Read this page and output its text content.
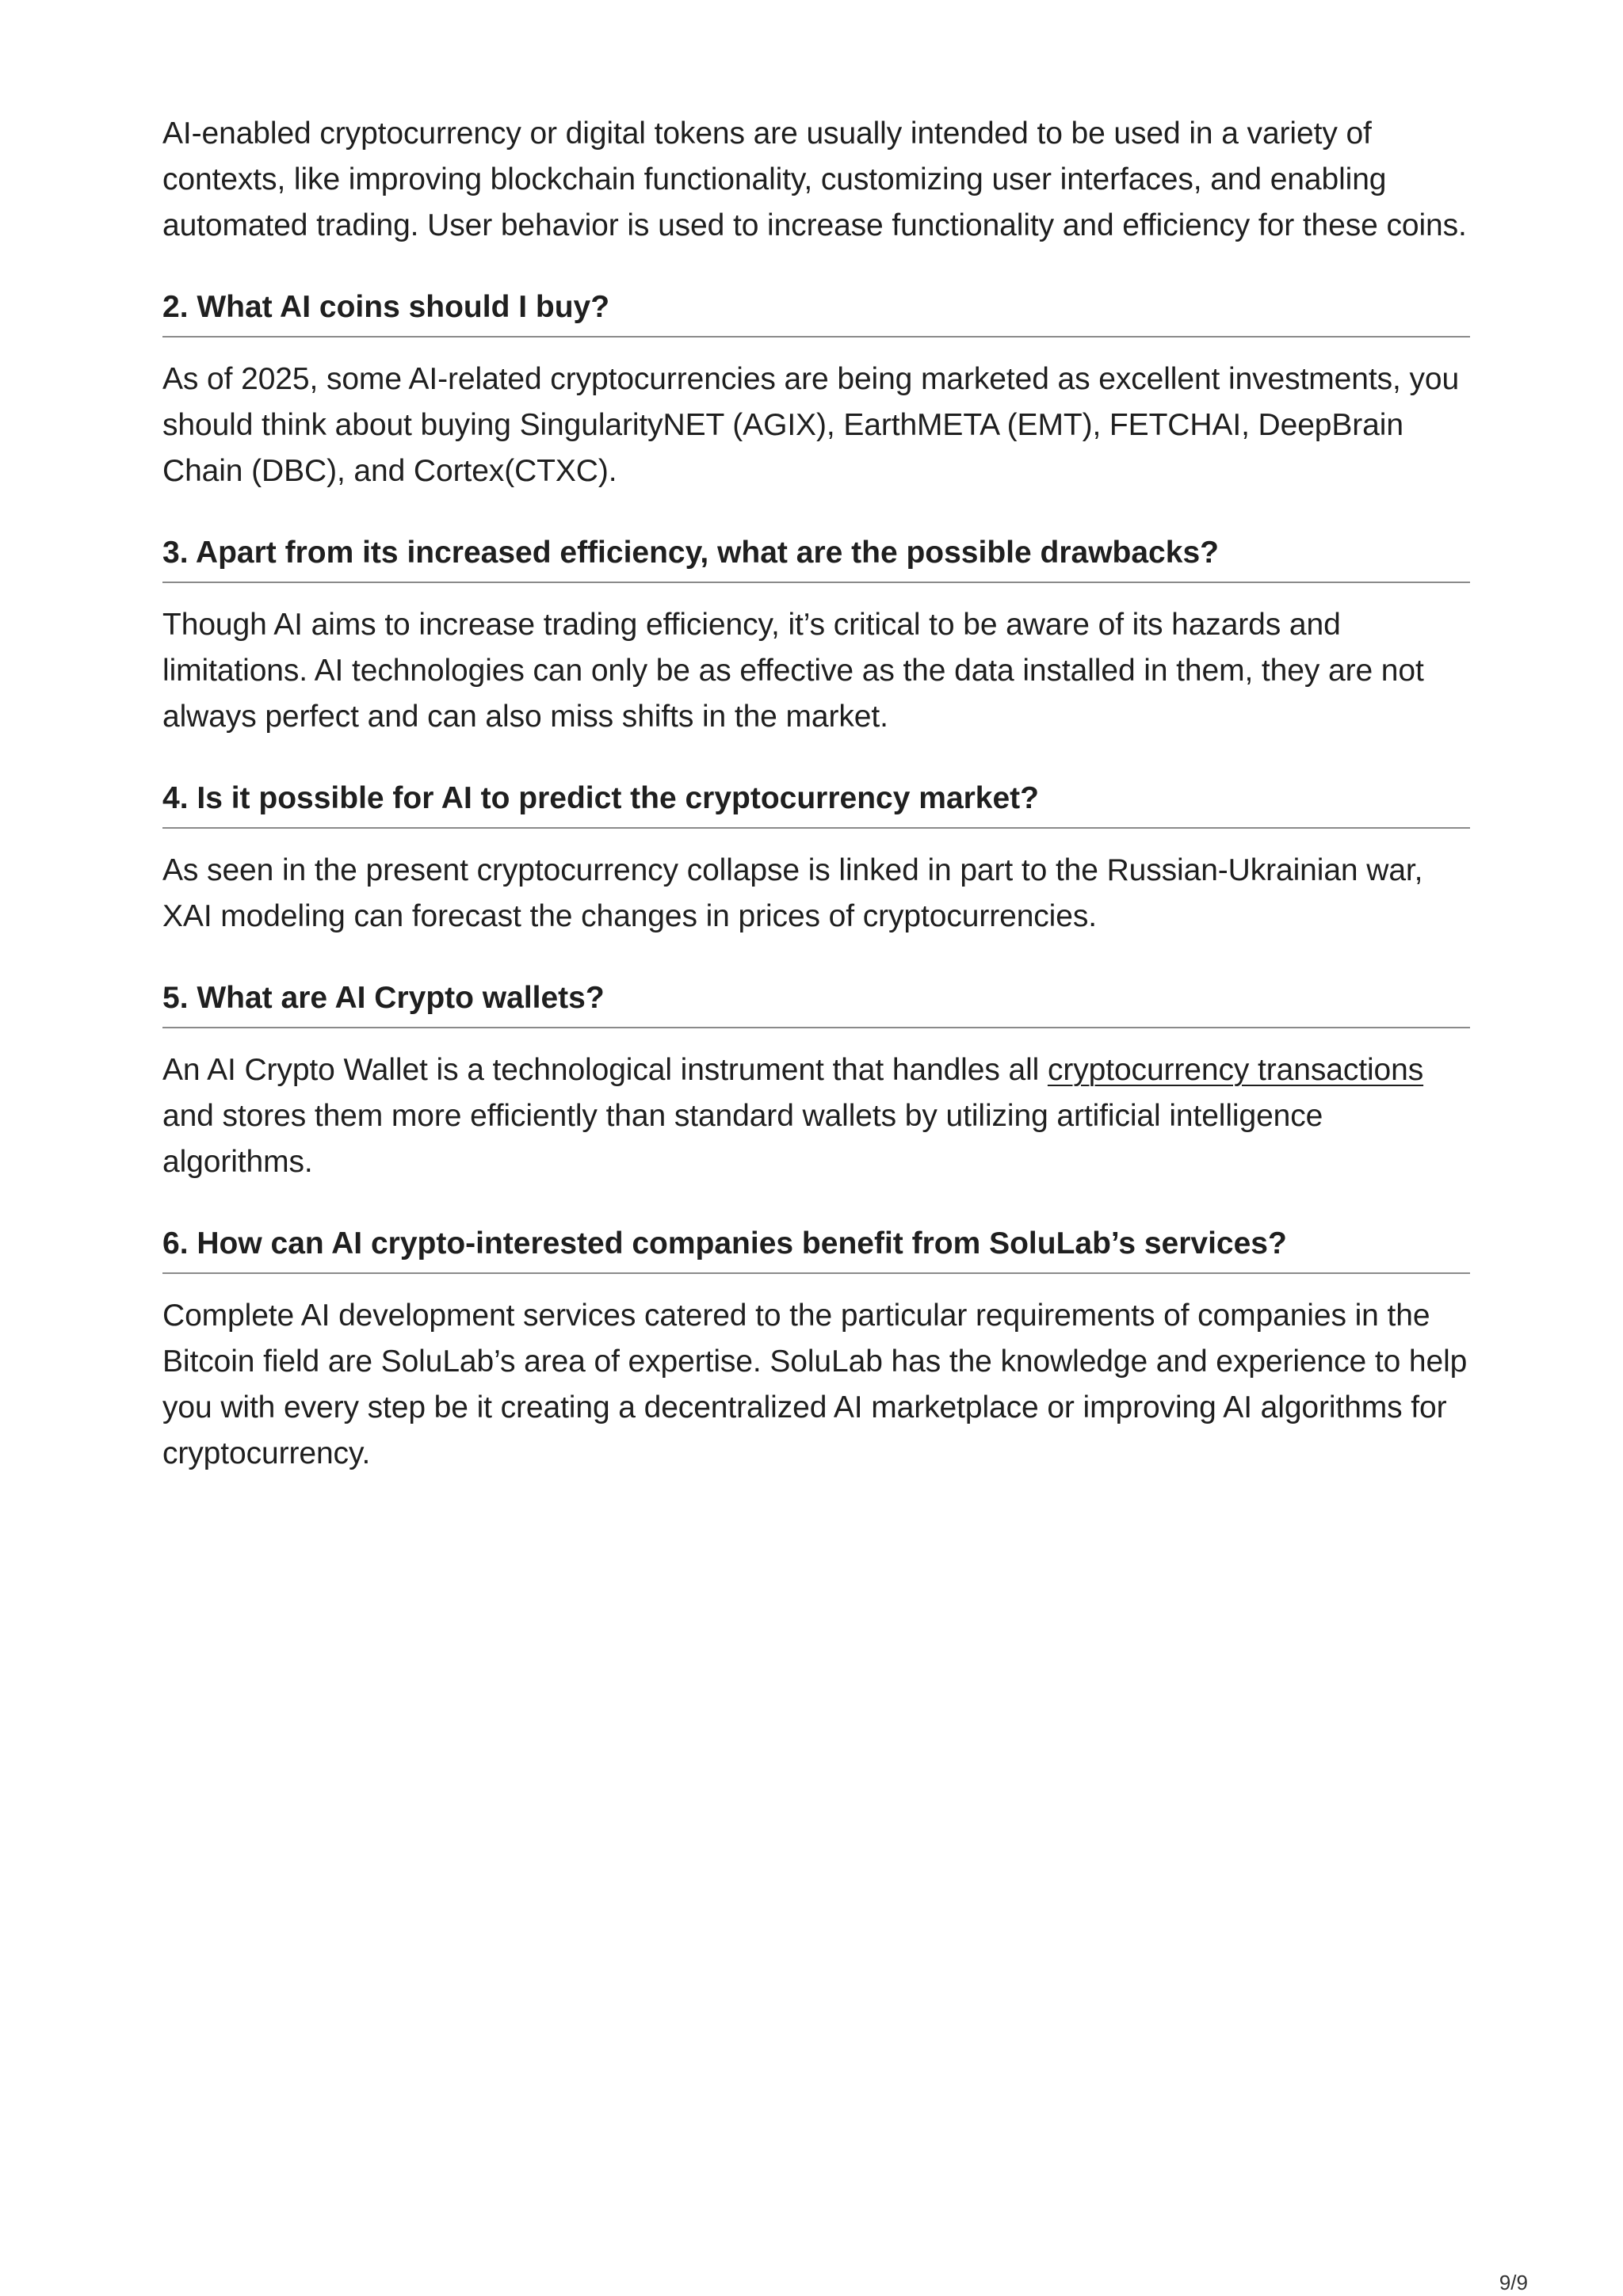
AI-enabled cryptocurrency or digital tokens are usually intended to be used in a variety of contexts, like improving blockchain functionality, customizing user interfaces, and enabling automated trading. User behavior is used to increase functionality and efficiency for these coins.

2. What AI coins should I buy?

As of 2025, some AI-related cryptocurrencies are being marketed as excellent investments, you should think about buying SingularityNET (AGIX), EarthMETA (EMT), FETCHAI, DeepBrain Chain (DBC), and Cortex(CTXC).

3. Apart from its increased efficiency, what are the possible drawbacks?

Though AI aims to increase trading efficiency, it’s critical to be aware of its hazards and limitations. AI technologies can only be as effective as the data installed in them, they are not always perfect and can also miss shifts in the market.

4. Is it possible for AI to predict the cryptocurrency market?

As seen in the present cryptocurrency collapse is linked in part to the Russian-Ukrainian war, XAI modeling can forecast the changes in prices of cryptocurrencies.

5. What are AI Crypto wallets?

An AI Crypto Wallet is a technological instrument that handles all cryptocurrency transactions and stores them more efficiently than standard wallets by utilizing artificial intelligence algorithms.

6. How can AI crypto-interested companies benefit from SoluLab’s services?

Complete AI development services catered to the particular requirements of companies in the Bitcoin field are SoluLab’s area of expertise. SoluLab has the knowledge and experience to help you with every step be it creating a decentralized AI marketplace or improving AI algorithms for cryptocurrency.

9/9
